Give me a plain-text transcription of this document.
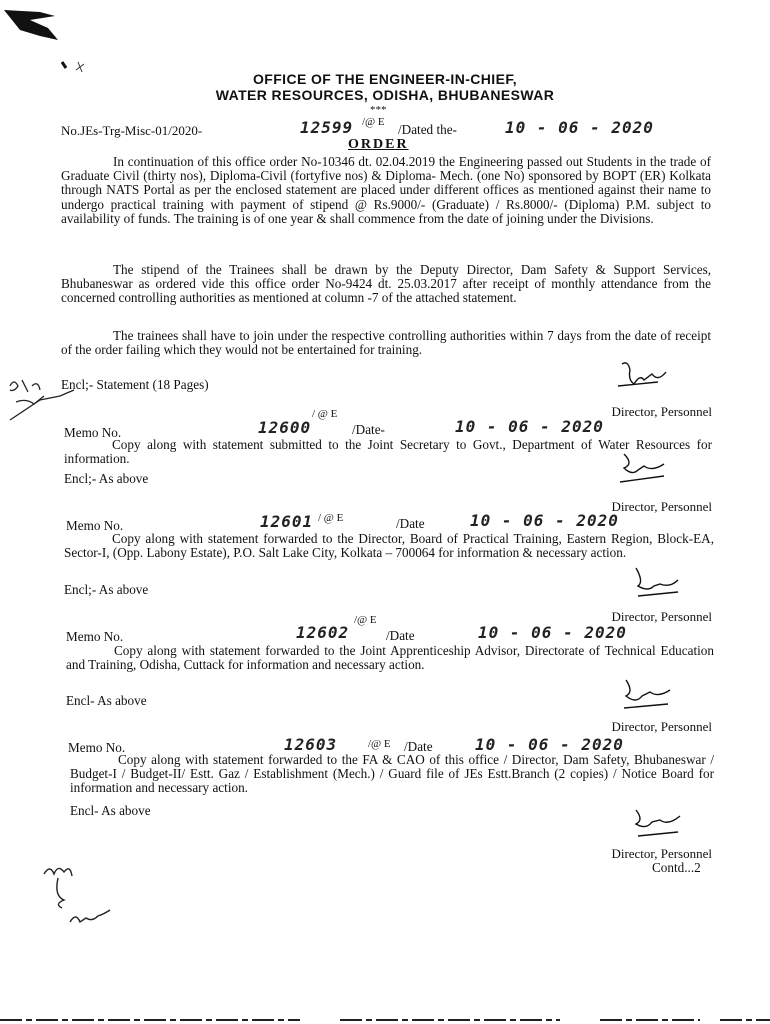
OFFICE OF THE ENGINEER-IN-CHIEF,
WATER RESOURCES, ODISHA, BHUBANESWAR
***
No.JEs-Trg-Misc-01/2020-	12599 /@ E /Dated the-	10 - 06 - 2020
ORDER
In continuation of this office order No-10346 dt. 02.04.2019 the Engineering passed out Students in the trade of Graduate Civil (thirty nos), Diploma-Civil (fortyfive nos) & Diploma- Mech. (one No) sponsored by BOPT (ER) Kolkata through NATS Portal as per the enclosed statement are placed under different offices as mentioned against their name to undergo practical training with payment of stipend @ Rs.9000/- (Graduate) / Rs.8000/- (Diploma) P.M. subject to availability of funds. The training is of one year & shall commence from the date of joining under the Divisions.
The stipend of the Trainees shall be drawn by the Deputy Director, Dam Safety & Support Services, Bhubaneswar as ordered vide this office order No-9424 dt. 25.03.2017 after receipt of monthly attendance from the concerned controlling authorities as mentioned at column -7 of the attached statement.
The trainees shall have to join under the respective controlling authorities within 7 days from the date of receipt of the order failing which they would not be entertained for training.
Encl;- Statement (18 Pages)
Director, Personnel
Memo No.	12600
/ @ E
/Date-	10 - 06 - 2020
Copy along with statement submitted to the Joint Secretary to Govt., Department of Water Resources for information.
Encl;- As above
Director, Personnel
Memo No.	12601 / @ E	/Date	10 - 06 - 2020
Copy along with statement forwarded to the Director, Board of Practical Training, Eastern Region, Block-EA, Sector-I, (Opp. Labony Estate), P.O. Salt Lake City, Kolkata – 700064 for information & necessary action.
Encl;- As above
Director, Personnel
Memo No.	12602
/@ E
/Date	10 - 06 - 2020
Copy along with statement forwarded to the Joint Apprenticeship Advisor, Directorate of Technical Education and Training, Odisha, Cuttack for information and necessary action.
Encl- As above
Director, Personnel
Memo No.	12603	/@ E /Date	10 - 06 - 2020
Copy along with statement forwarded to the FA & CAO of this office / Director, Dam Safety, Bhubaneswar / Budget-I / Budget-II/ Estt. Gaz / Establishment (Mech.) / Guard file of JEs Estt.Branch (2 copies) / Notice Board for information and necessary action.
Encl- As above
Director, Personnel
Contd...2
